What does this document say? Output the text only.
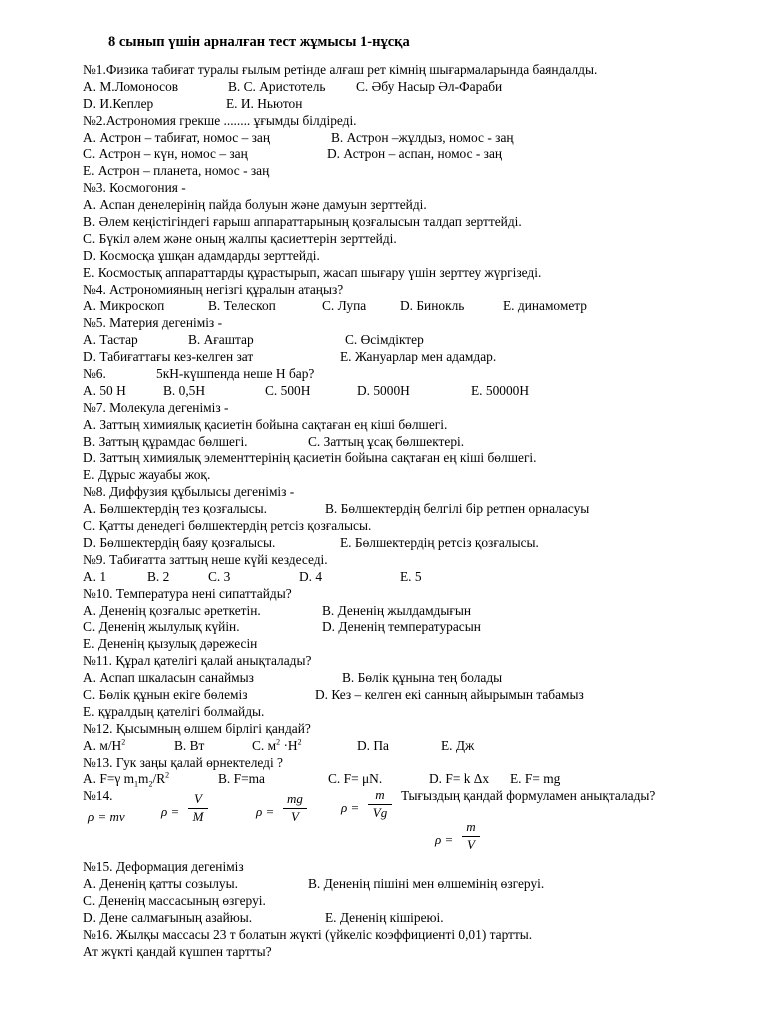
8 сынып үшін арналған тест жұмысы 1-нұсқа
№1.Физика табиғат туралы ғылым ретінде алғаш рет кімнің шығармаларында баяндалды.
A. М.Ломоносов	B. С. Аристотель C. Әбу Насыр Әл-Фараби
D. И.Кеплер	E. И. Ньютон
№2.Астрономия грекше ........ ұғымды білдіреді.
A. Астрон – табиғат, номос – заң	B. Астрон –жұлдыз, номос - заң
C. Астрон – күн, номос – заң	D. Астрон – аспан, номос - заң
E. Астрон – планета, номос - заң
№3. Космогония -
A. Аспан денелерінің пайда болуын және дамуын зерттейді.
B. Әлем кеңістігіндегі ғарыш аппараттарының қозғалысын талдап зерттейді.
C. Бүкіл әлем және оның жалпы қасиеттерін зерттейді.
D. Космосқа ұшқан адамдарды зерттейді.
E. Космостық аппараттарды құрастырып, жасап шығару үшін зерттеу жүргізеді.
№4. Астрономияның негізгі құралын атаңыз?
A. Микроскоп	B. Телескоп	C. Лупа	D. Бинокль	E. динамометр
№5. Материя дегеніміз -
A. Тастар	B. Ағаштар	C. Өсімдіктер
D. Табиғаттағы кез-келген зат	E. Жануарлар мен адамдар.
№6.	5кН-күшпенда неше Н бар?
A. 50 H	B. 0,5H	C. 500H	D. 5000H	E. 50000H
№7. Молекула дегеніміз -
A. Заттың химиялық қасиетін бойына сақтаған ең кіші бөлшегі.
B. Заттың құрамдас бөлшегі.	C. Заттың ұсақ бөлшектері.
D. Заттың химиялық элементтерінің қасиетін бойына сақтаған ең кіші бөлшегі.
E. Дұрыс жауабы жоқ.
№8. Диффузия құбылысы дегеніміз -
A. Бөлшектердің тез қозғалысы.	B. Бөлшектердің белгілі бір ретпен орналасуы
C. Қатты денедегі бөлшектердің ретсіз қозғалысы.
D. Бөлшектердің баяу қозғалысы.	E. Бөлшектердің ретсіз қозғалысы.
№9. Табиғатта заттың неше күйі кездеседі.
A. 1	B. 2	C. 3	D. 4	E. 5
№10. Температура нені сипаттайды?
A. Дененің қозғалыс әреткетін.	B. Дененің жылдамдығын
C. Дененің жылулық күйін.	D. Дененің температурасын
E. Дененің қызулық дәрежесін
№11. Құрал қателігі қалай анықталады?
A. Аспап шкаласын санаймыз	B. Бөлік құнына тең болады
C. Бөлік құнын екіге бөлеміз	D. Кез – келген екі санның айырымын табамыз
E. құралдың қателігі болмайды.
№12. Қысымның өлшем бірлігі қандай?
A. $м/Н^2$	B. Вт	C. $м^2 \cdot Н^2$	D. Па	E. Дж
№13. Гук заңы қалай өрнектеледі ?
A. F=γ $m_1m_2/R^2$	B. F=ma	C. F= μN.	D. F= k Δx E. F= mg
№14.	Тығыздың қандай формуламен анықталады?
ρ = mv	ρ =
V
M	ρ =
mg
V
ρ =
m
Vg
ρ =
m
V
№15. Деформация дегеніміз
A. Дененің қатты созылуы.	B. Дененің пішіні мен өлшемінің өзгеруі.
C. Дененің массасының өзгеруі.
D. Дене салмағының азайюы.	E. Дененің кішіреюі.
№16. Жылқы массасы 23 т болатын жүкті (үйкеліс коэффициенті 0,01) тартты.
Ат жүкті қандай күшпен тартты?
